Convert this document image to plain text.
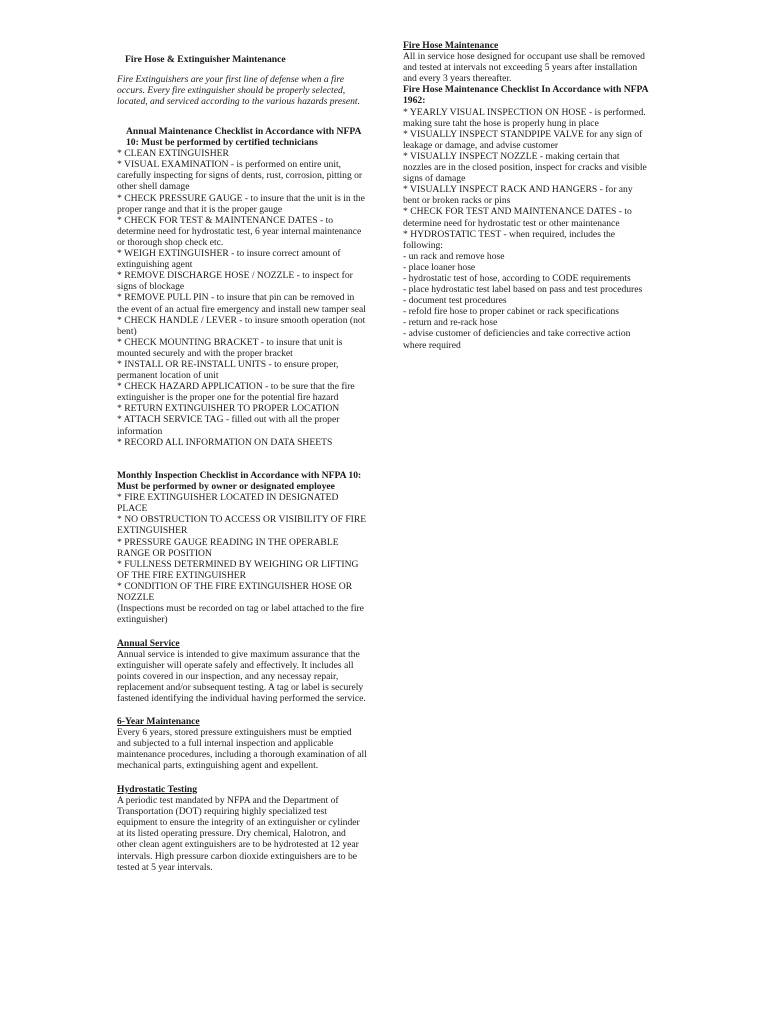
Fire Hose & Extinguisher Maintenance

Fire Extinguishers are your first line of defense when a fire occurs. Every fire extinguisher should be properly selected, located, and serviced according to the various hazards present.

Annual Maintenance Checklist in Accordance with NFPA 10: Must be performed by certified technicians

* CLEAN EXTINGUISHER

* VISUAL EXAMINATION - is performed on entire unit, carefully inspecting for signs of dents, rust, corrosion, pitting or other shell damage

* CHECK PRESSURE GAUGE - to insure that the unit is in the proper range and that it is the proper gauge

* CHECK FOR TEST & MAINTENANCE DATES - to determine need for hydrostatic test, 6 year internal maintenance or thorough shop check etc.

* WEIGH EXTINGUISHER - to insure correct amount of extinguishing agent

* REMOVE DISCHARGE HOSE / NOZZLE - to inspect for signs of blockage

* REMOVE PULL PIN - to insure that pin can be removed in the event of an actual fire emergency and install new tamper seal

* CHECK HANDLE / LEVER - to insure smooth operation (not bent)

* CHECK MOUNTING BRACKET - to insure that unit is mounted securely and with the proper bracket

* INSTALL OR RE-INSTALL UNITS - to ensure proper, permanent location of unit

* CHECK HAZARD APPLICATION - to be sure that the fire extinguisher is the proper one for the potential fire hazard

* RETURN EXTINGUISHER TO PROPER LOCATION

* ATTACH SERVICE TAG - filled out with all the proper information

* RECORD ALL INFORMATION ON DATA SHEETS

Monthly Inspection Checklist in Accordance with NFPA 10: Must be performed by owner or designated employee

* FIRE EXTINGUISHER LOCATED IN DESIGNATED PLACE

* NO OBSTRUCTION TO ACCESS OR VISIBILITY OF FIRE EXTINGUISHER

* PRESSURE GAUGE READING IN THE OPERABLE RANGE OR POSITION

* FULLNESS DETERMINED BY WEIGHING OR LIFTING OF THE FIRE EXTINGUISHER

* CONDITION OF THE FIRE EXTINGUISHER HOSE OR NOZZLE

(Inspections must be recorded on tag or label attached to the fire extinguisher)

Annual Service

Annual service is intended to give maximum assurance that the extinguisher will operate safely and effectively. It includes all points covered in our inspection, and any necessay repair, replacement and/or subsequent testing. A tag or label is securely fastened identifying the individual having performed the service.

6-Year Maintenance

Every 6 years, stored pressure extinguishers must be emptied and subjected to a full internal inspection and applicable maintenance procedures, including a thorough examination of all mechanical parts, extinguishing agent and expellent.

Hydrostatic Testing

A periodic test mandated by NFPA and the Department of Transportation (DOT) requiring highly specialized test equipment to ensure the integrity of an extinguisher or cylinder at its listed operating pressure. Dry chemical, Halotron, and other clean agent extinguishers are to be hydrotested at 12 year intervals. High pressure carbon dioxide extinguishers are to be tested at 5 year intervals.

Fire Hose Maintenance

All in service hose designed for occupant use shall be removed and tested at intervals not exceeding 5 years after installation and every 3 years thereafter.

Fire Hose Maintenance Checklist In Accordance with NFPA 1962:

* YEARLY VISUAL INSPECTION ON HOSE - is performed. making sure taht the hose is properly hung in place

* VISUALLY INSPECT STANDPIPE VALVE for any sign of leakage or damage, and advise customer

* VISUALLY INSPECT NOZZLE - making certain that nozzles are in the closed position, inspect for cracks and visible signs of damage

* VISUALLY INSPECT RACK AND HANGERS - for any bent or broken racks or pins

* CHECK FOR TEST AND MAINTENANCE DATES - to determine need for hydrostatic test or other maintenance

* HYDROSTATIC TEST - when required, includes the following:

- un rack and remove hose

- place loaner hose

- hydrostatic test of hose, according to CODE requirements

- place hydrostatic test label based on pass and test procedures

- document test procedures

- refold fire hose to proper cabinet or rack specifications

- return and re-rack hose

- advise customer of deficiencies and take corrective action where required
